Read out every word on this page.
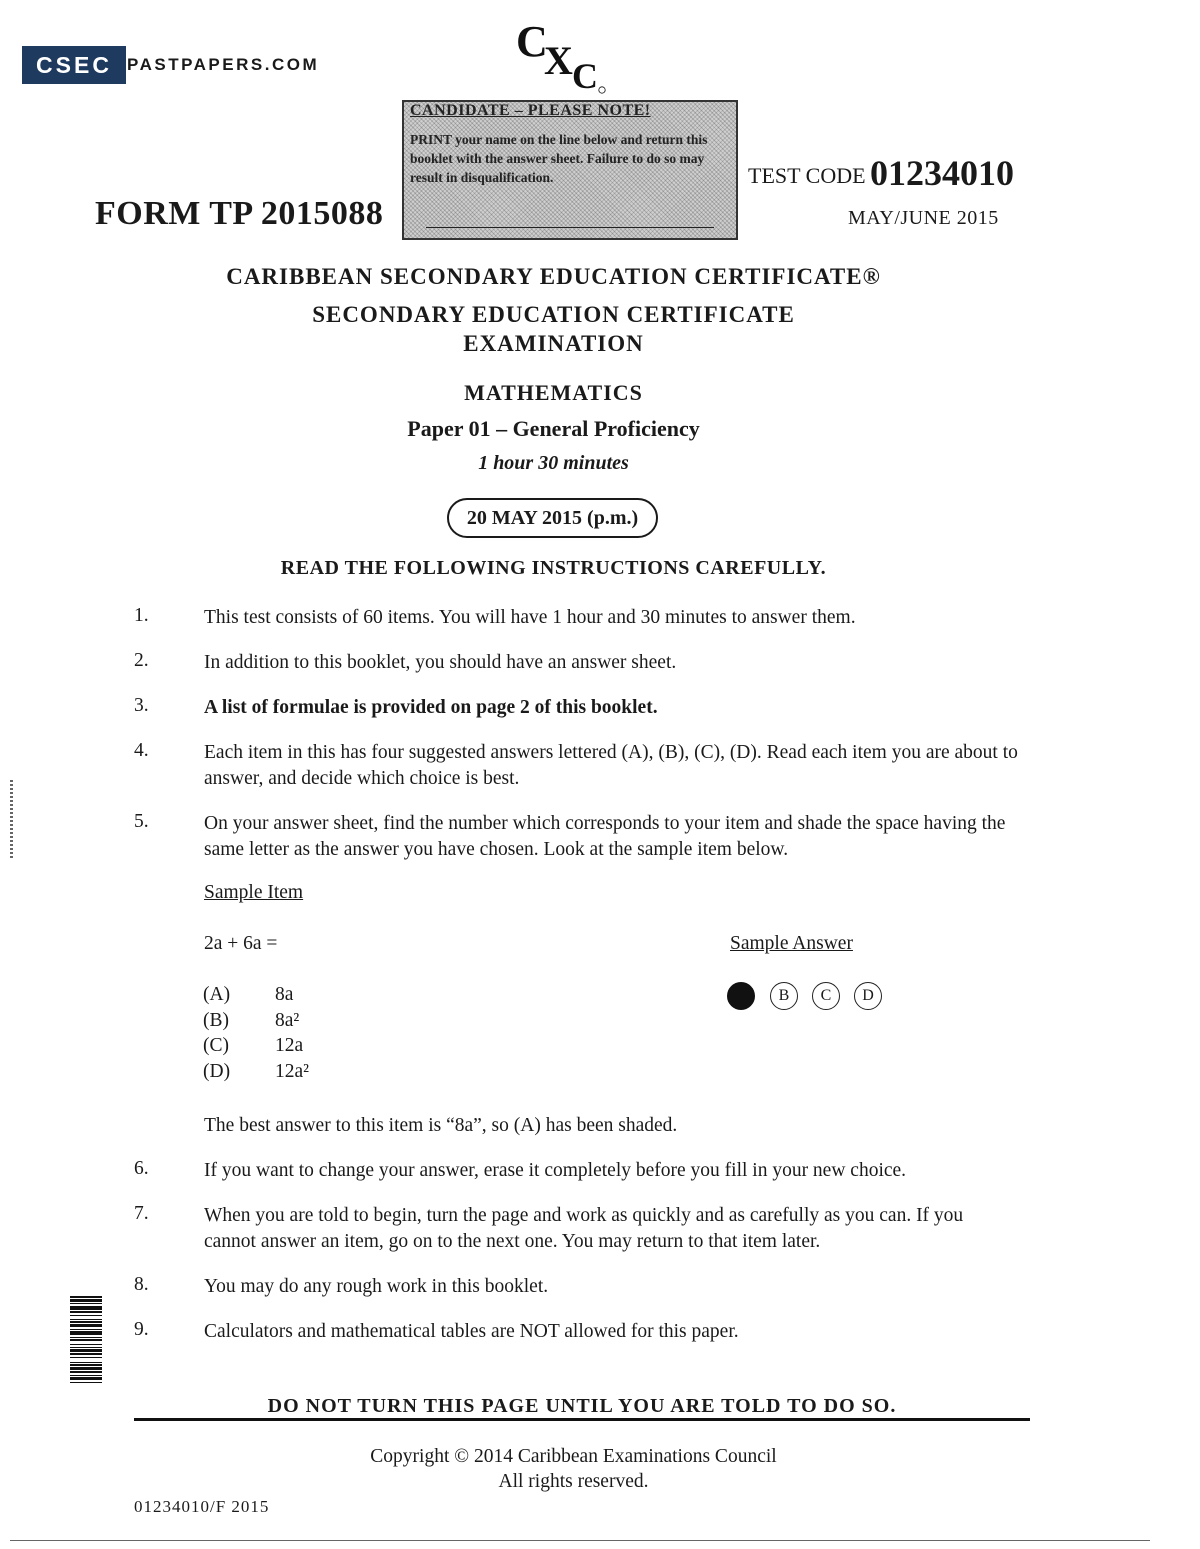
CSEC PASTPAPERS.COM	C
X C
CANDIDATE – PLEASE NOTE!
PRINT your name on the line below and return this booklet with the answer sheet. Failure to do so may result in disqualification.
FORM TP 2015088
TEST CODE 01234010
MAY/JUNE 2015
CARIBBEAN SECONDARY EDUCATION CERTIFICATE®
SECONDARY EDUCATION CERTIFICATE
EXAMINATION
MATHEMATICS
Paper 01 – General Proficiency
1 hour 30 minutes
20 MAY 2015 (p.m.)
READ THE FOLLOWING INSTRUCTIONS CAREFULLY.
1.	This test consists of 60 items. You will have 1 hour and 30 minutes to answer them.
2.	In addition to this booklet, you should have an answer sheet.
3.	A list of formulae is provided on page 2 of this booklet.
4.	Each item in this has four suggested answers lettered (A), (B), (C), (D). Read each item you are about to answer, and decide which choice is best.
5.	On your answer sheet, find the number which corresponds to your item and shade the space having the same letter as the answer you have chosen. Look at the sample item below.
Sample Item
2a + 6a =
(A) 8a
(B) 8a²
(C) 12a
(D) 12a²
Sample Answer
B	C	D
The best answer to this item is “8a”, so (A) has been shaded.
6.	If you want to change your answer, erase it completely before you fill in your new choice.
7.	When you are told to begin, turn the page and work as quickly and as carefully as you can. If you cannot answer an item, go on to the next one. You may return to that item later.
8.	You may do any rough work in this booklet.
9.	Calculators and mathematical tables are NOT allowed for this paper.
DO NOT TURN THIS PAGE UNTIL YOU ARE TOLD TO DO SO.
Copyright © 2014 Caribbean Examinations Council
All rights reserved.
01234010/F 2015
